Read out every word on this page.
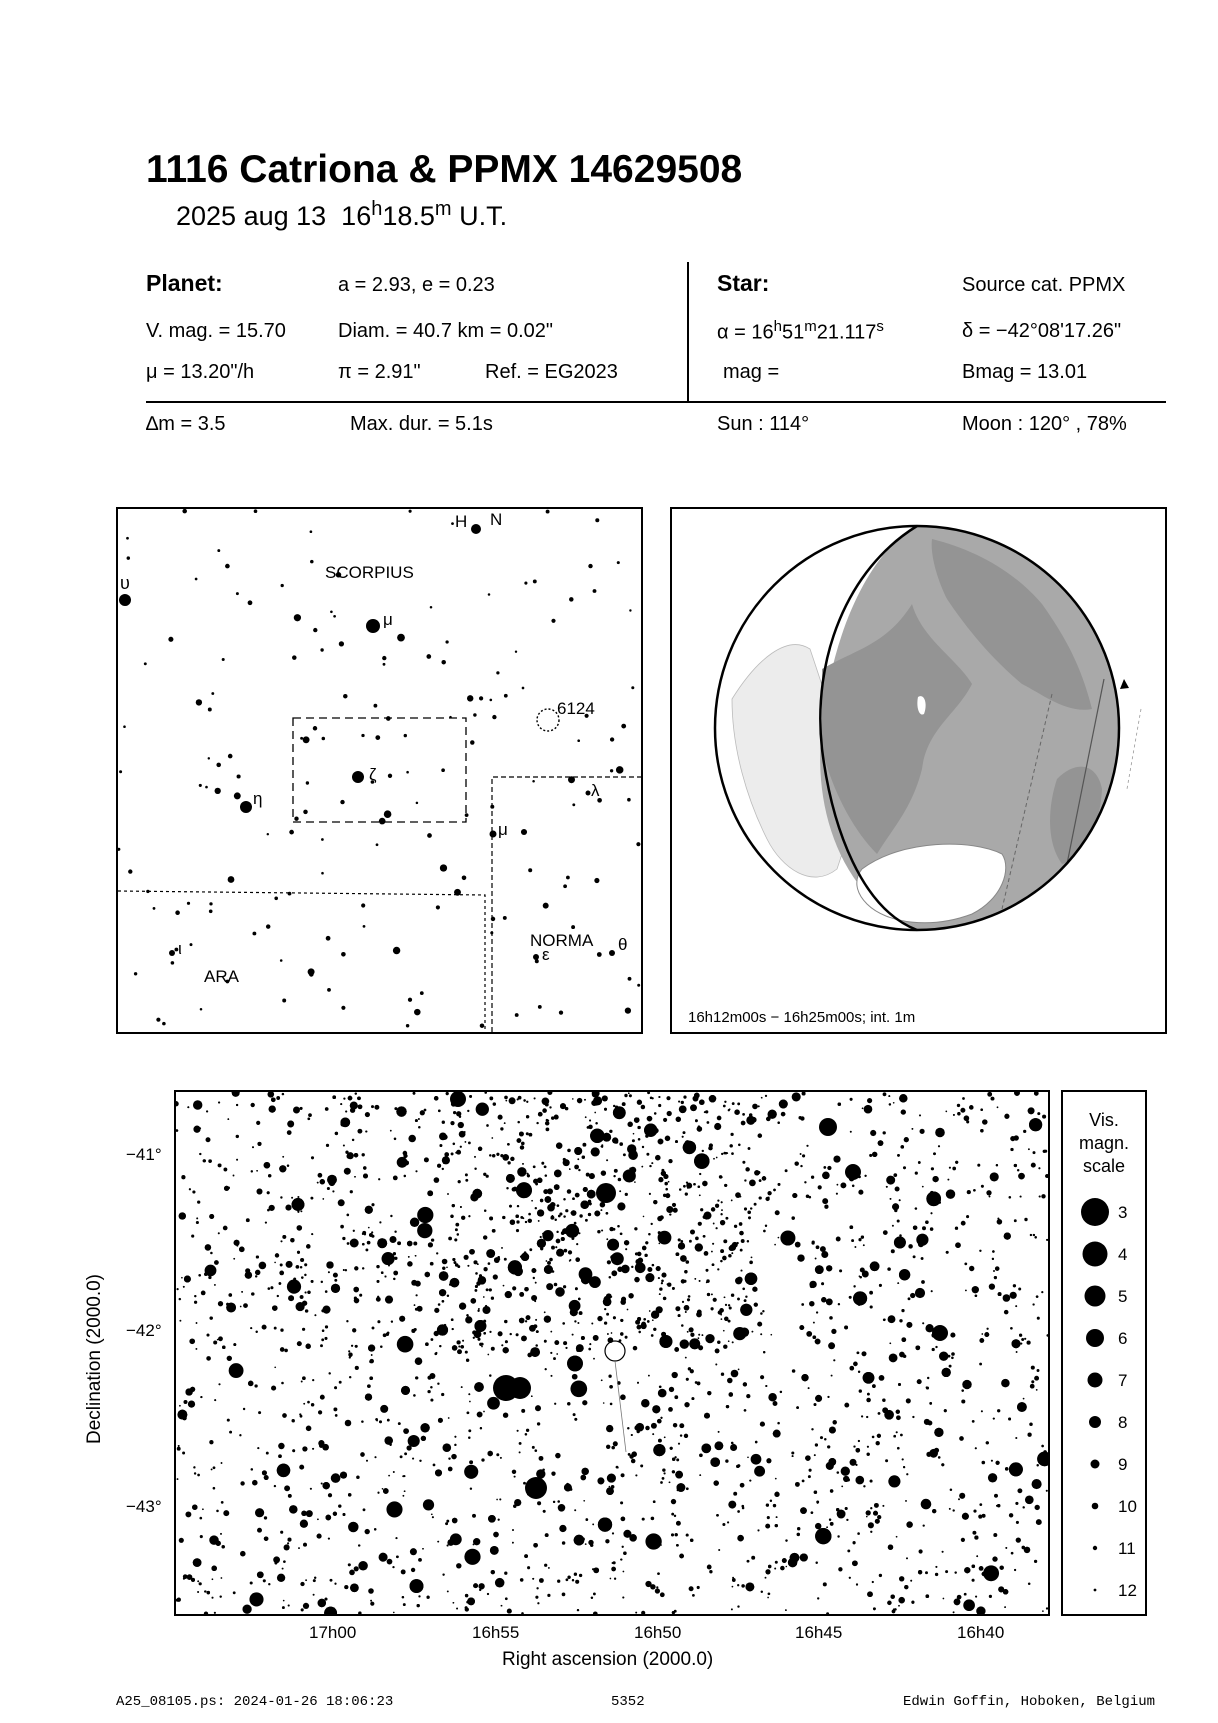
1116 Catriona & PPMX 14629508
2025 aug 13 16$^h$18.5$^m$ U.T.
Planet:	a = 2.93, e = 0.23
V. mag. = 15.70	Diam. = 40.7 km = 0.02"
μ = 13.20"/h	π = 2.91"	Ref. = EG2023
Star:	Source cat. PPMX
$\alpha = 16^h51^m21.117^s$	δ = −42°08'17.26"
mag =	Bmag = 13.01
∆m = 3.5	Max. dur. = 5.1s	Sun : 114°	Moon : 120° , 78%
H N
SCORPIUS
υ
μ
6124
ζ
η
μ
λ
ι
ARA
NORMA
ε
θ
16h12m00s − 16h25m00s; int. 1m
−41°
−42°
−43°
17h00	16h55	16h50	16h45	16h40
Right ascension (2000.0)
Declination (2000.0)
Vis.
magn.
scale
3
4
5
6
7
8
9
10
11
12
A25_08105.ps: 2024-01-26 18:06:23	5352	Edwin Goffin, Hoboken, Belgium
